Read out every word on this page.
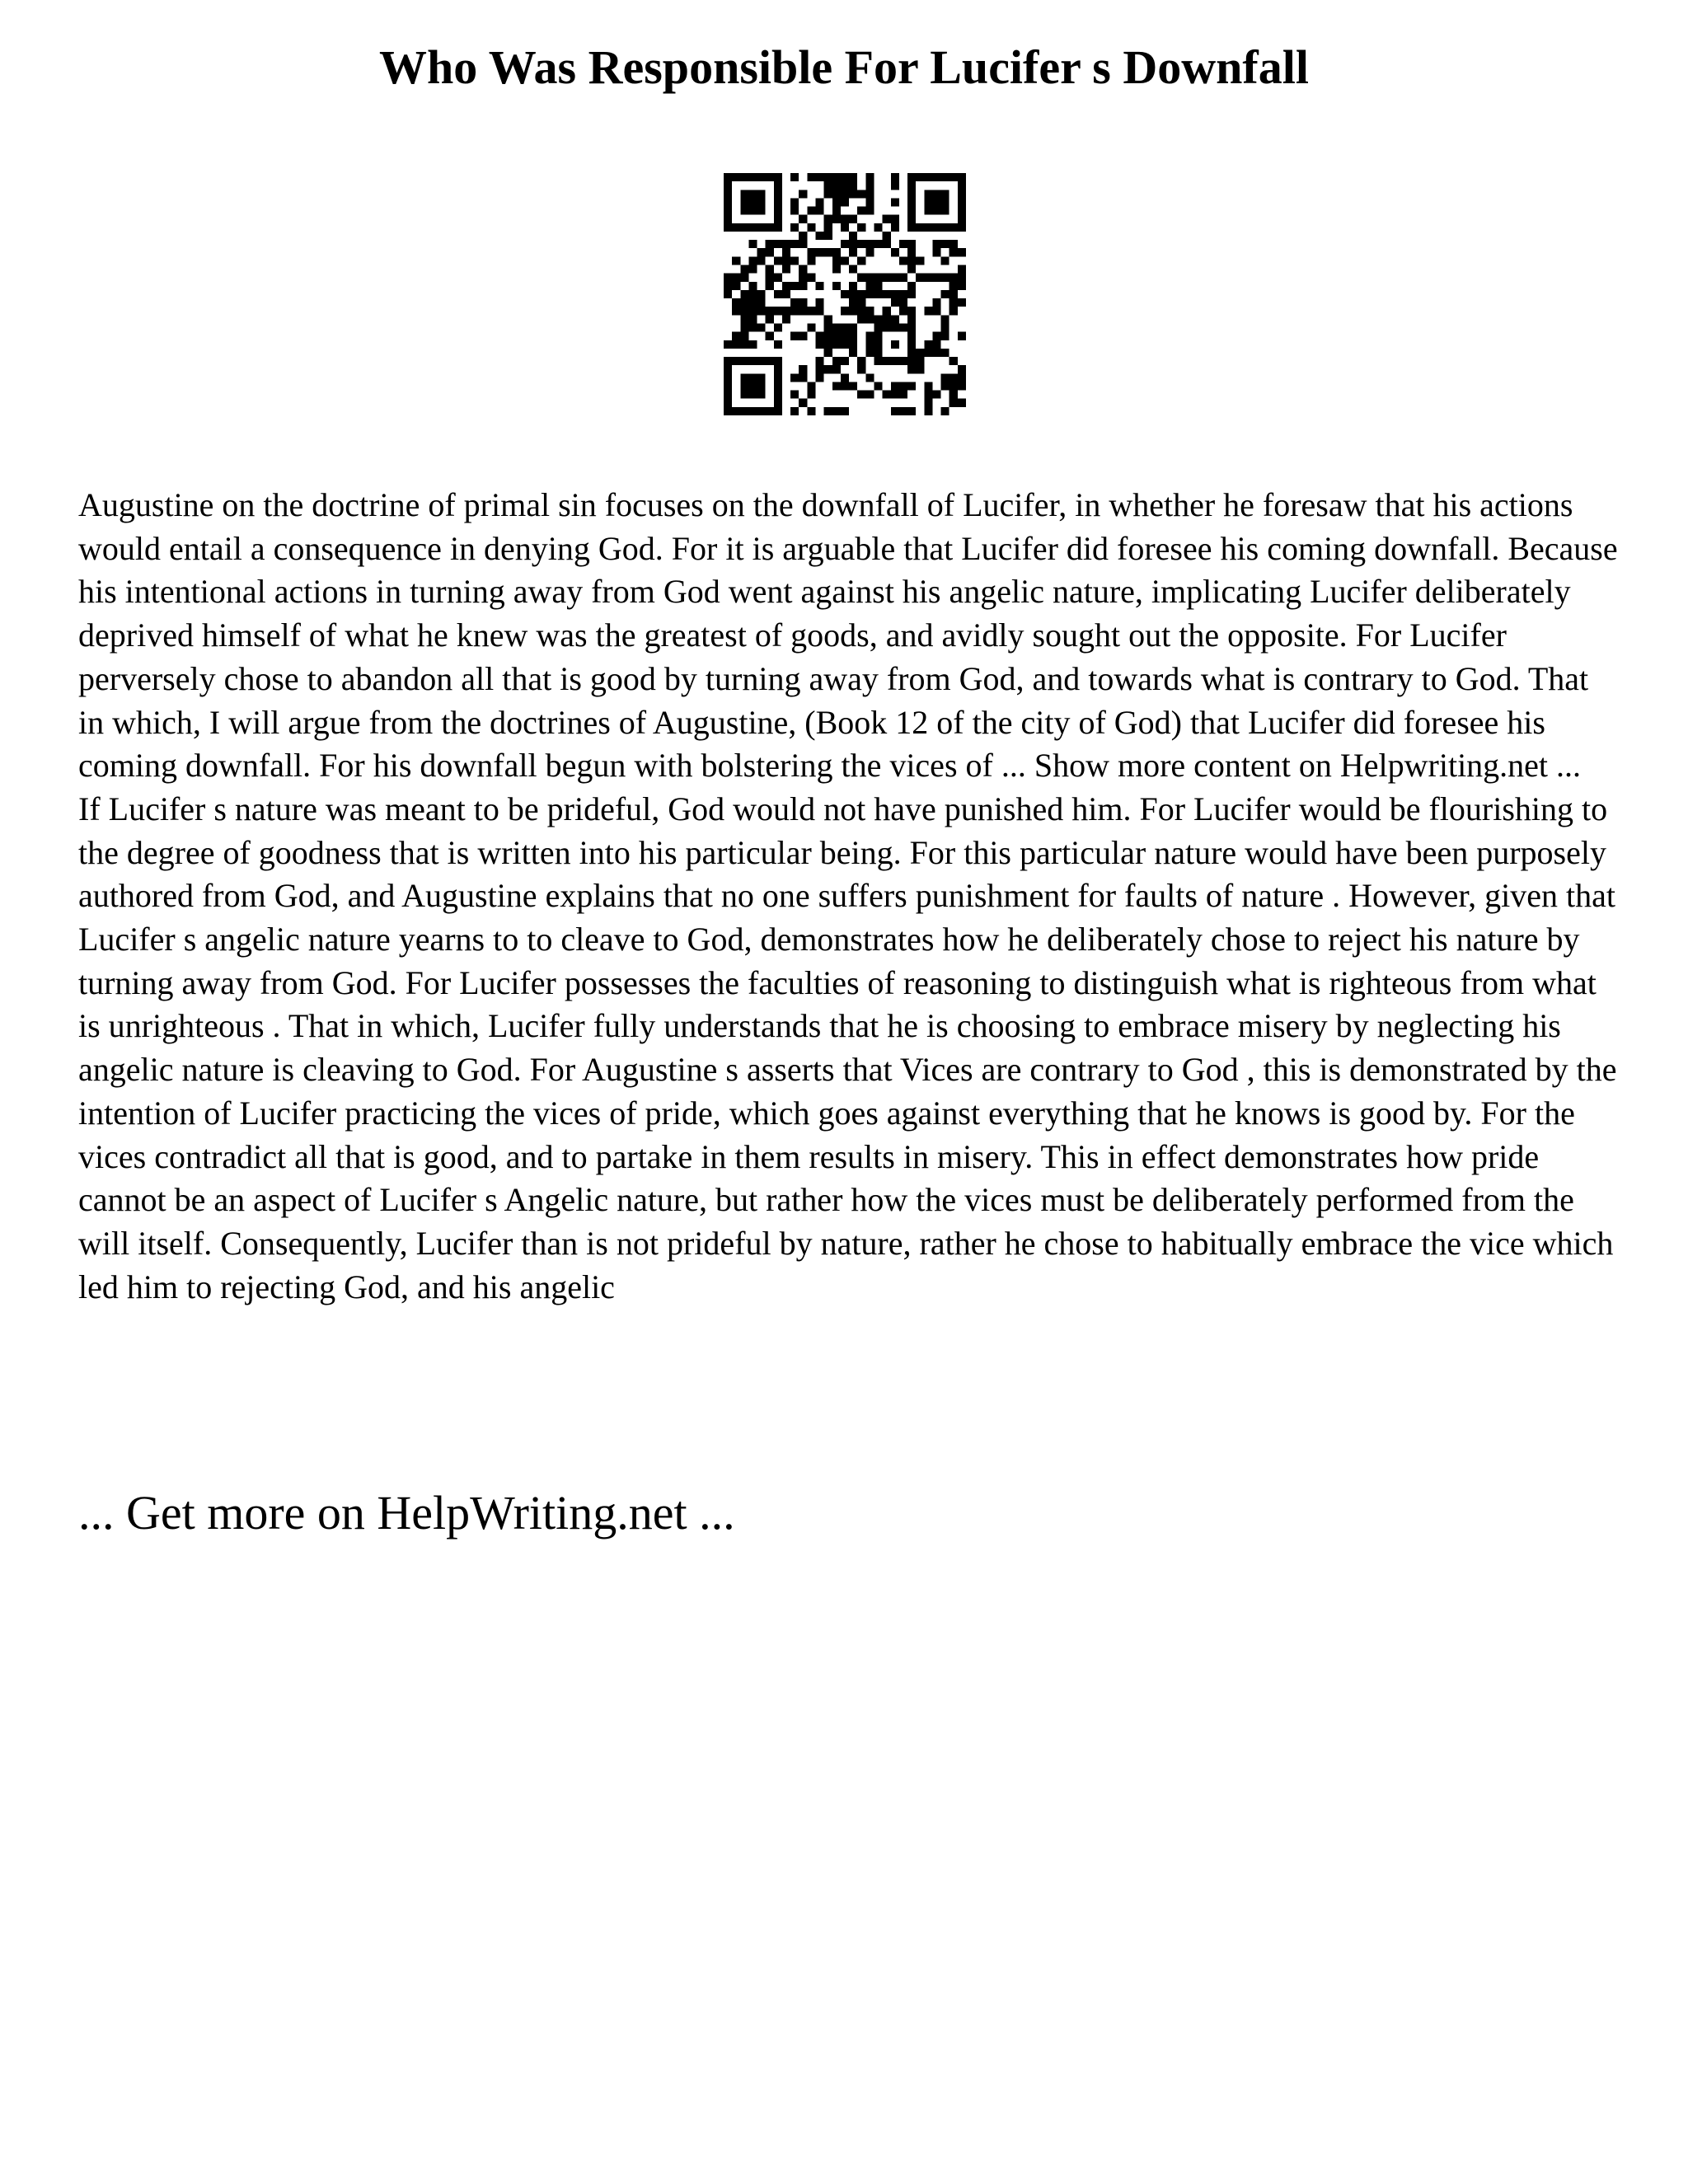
Who Was Responsible For Lucifer s Downfall

Augustine on the doctrine of primal sin focuses on the downfall of Lucifer, in whether he foresaw that his actions would entail a consequence in denying God. For it is arguable that Lucifer did foresee his coming downfall. Because his intentional actions in turning away from God went against his angelic nature, implicating Lucifer deliberately deprived himself of what he knew was the greatest of goods, and avidly sought out the opposite. For Lucifer perversely chose to abandon all that is good by turning away from God, and towards what is contrary to God. That in which, I will argue from the doctrines of Augustine, (Book 12 of the city of God) that Lucifer did foresee his coming downfall. For his downfall begun with bolstering the vices of ... Show more content on Helpwriting.net ...

If Lucifer s nature was meant to be prideful, God would not have punished him. For Lucifer would be flourishing to the degree of goodness that is written into his particular being. For this particular nature would have been purposely authored from God, and Augustine explains that no one suffers punishment for faults of nature . However, given that Lucifer s angelic nature yearns to to cleave to God, demonstrates how he deliberately chose to reject his nature by turning away from God. For Lucifer possesses the faculties of reasoning to distinguish what is righteous from what is unrighteous . That in which, Lucifer fully understands that he is choosing to embrace misery by neglecting his angelic nature is cleaving to God. For Augustine s asserts that Vices are contrary to God , this is demonstrated by the intention of Lucifer practicing the vices of pride, which goes against everything that he knows is good by. For the vices contradict all that is good, and to partake in them results in misery. This in effect demonstrates how pride cannot be an aspect of Lucifer s Angelic nature, but rather how the vices must be deliberately performed from the will itself. Consequently, Lucifer than is not prideful by nature, rather he chose to habitually embrace the vice which led him to rejecting God, and his angelic

... Get more on HelpWriting.net ...
